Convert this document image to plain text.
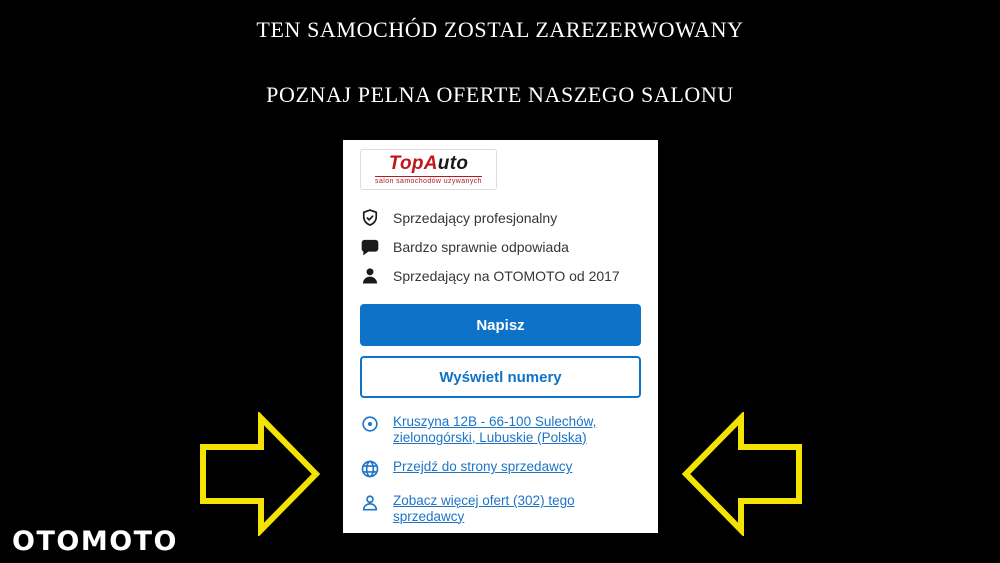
TEN SAMOCHÓD ZOSTAL ZAREZERWOWANY
POZNAJ PELNA OFERTE NASZEGO SALONU
TopAuto
salon samochodów używanych
Sprzedający profesjonalny
Bardzo sprawnie odpowiada
Sprzedający na OTOMOTO od 2017
Napisz
Wyświetl numery
Kruszyna 12B - 66-100 Sulechów, zielonogórski, Lubuskie (Polska)
Przejdź do strony sprzedawcy
Zobacz więcej ofert (302) tego sprzedawcy
OTOMOTO
